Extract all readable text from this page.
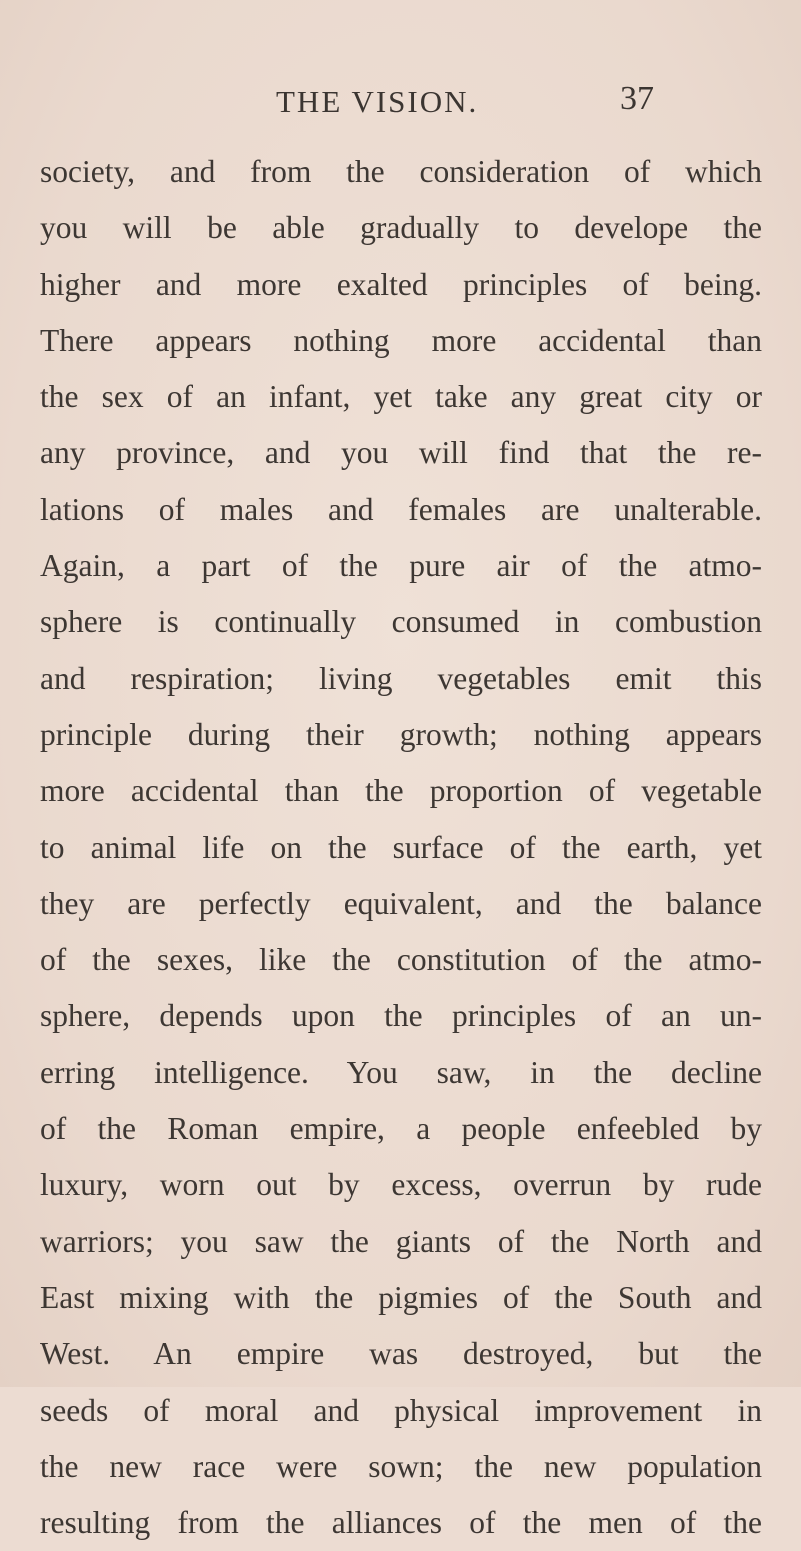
THE VISION.	37
society, and from the consideration of which
you will be able gradually to develope the
higher and more exalted principles of being.
There appears nothing more accidental than
the sex of an infant, yet take any great city or
any province, and you will find that the re-
lations of males and females are unalterable.
Again, a part of the pure air of the atmo-
sphere is continually consumed in combustion
and respiration; living vegetables emit this
principle during their growth; nothing appears
more accidental than the proportion of vegetable
to animal life on the surface of the earth, yet
they are perfectly equivalent, and the balance
of the sexes, like the constitution of the atmo-
sphere, depends upon the principles of an un-
erring intelligence. You saw, in the decline
of the Roman empire, a people enfeebled by
luxury, worn out by excess, overrun by rude
warriors; you saw the giants of the North and
East mixing with the pigmies of the South and
West. An empire was destroyed, but the
seeds of moral and physical improvement in
the new race were sown; the new population
resulting from the alliances of the men of the
